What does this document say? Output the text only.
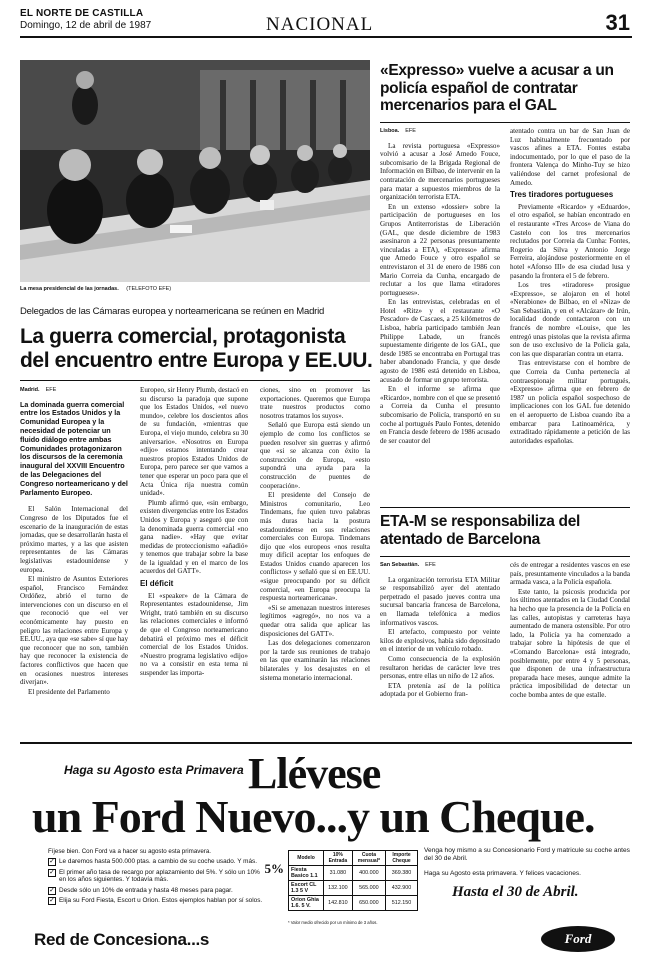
EL NORTE DE CASTILLA
Domingo, 12 de abril de 1987	NACIONAL	31
La mesa presidencial de las jornadas. (TELEFOTO EFE)
Delegados de las Cámaras europea y norteamericana se reúnen en Madrid
La guerra comercial, protagonista del encuentro entre Europa y EE.UU.
Madrid. EFE
La dominada guerra comercial entre los Estados Unidos y la Comunidad Europea y la necesidad de potenciar un fluido diálogo entre ambas Comunidades protagonizaron los discursos de la ceremonia inaugural del XXVIII Encuentro de las Delegaciones del Congreso norteamericano y del Parlamento Europeo.

El Salón Internacional del Congreso de los Diputados fue el escenario de la inauguración de estas jornadas, que se desarrollarán hasta el próximo martes, y a las que asisten representantes de las Cámaras legislativas estadounidense y europea.

El ministro de Asuntos Exteriores español, Francisco Fernández Ordóñez, abrió el turno de intervenciones con un discurso en el que reconoció que «el ver económicamente hay puesto en peligro las relaciones entre Europa y EE.UU., aya que «se sabe» sí que hay que reconocer que no son, también hay que reconocer la existencia de factores conflictivos que hacen que en ocasiones nuestros intereses diverjan».

El presidente del Parlamento

Europeo, sir Henry Plumb, destacó en su discurso la paradoja que supone que los Estados Unidos, «el nuevo mundo», celebre los doscientos años de su fundación, «mientras que Europa, el viejo mundo, celebra su 30 aniversario». «Nosotros en Europa «dijo» estamos intentando crear nuestros propios Estados Unidos de Europa, pero parece ser que vamos a tener que esperar un poco para que el Acta Única rija nuestra común unidad».

Plumb afirmó que, «sin embargo, existen divergencias entre los Estados Unidos y Europa y aseguró que con la denominada guerra comercial «no gana nadie». «Hay que evitar medidas de proteccionismo «añadió» y tenemos que trabajar sobre la base de la igualdad y en el marco de los acuerdos del GATT».

El déficit

El «speaker» de la Cámara de Representantes estadounidense, Jim Wright, trató también en su discurso las relaciones comerciales e informó de que el Congreso norteamericano debatirá el próximo mes el déficit comercial de los Estados Unidos. «Nuestro programa legislativo «dijo» no va a consistir en esta tema ni suspender las importa-

ciones, sino en promover las exportaciones. Queremos que Europa trate nuestros productos como nosotros tratamos los suyos».

Señaló que Europa está siendo un ejemplo de como los conflictos se pueden resolver sin guerras y afirmó que «si se alcanza con éxito la construcción de Europa, «esto supondrá una ayuda para la construcción de puentes de cooperación».

El presidente del Consejo de Ministros comunitario, Leo Tindemans, fue quien tuvo palabras más duras hacia la postura estadounidense en sus relaciones comerciales con Europa. Tindemans dijo que «los europeos «nos resulta muy difícil aceptar los enfoques de Estados Unidos cuando aparecen los conflictos» y señaló que si en EE.UU. «sigue preocupando por su déficit comercial, «en Europa preocupa la respuesta norteamericana».

«Si se amenazan nuestros intereses legítimos «agregó», no nos va a quedar otra salida que aplicar las disposiciones del GATT».

Las dos delegaciones comenzaron por la tarde sus reuniones de trabajo en las que examinarán las relaciones bilaterales y los desajustes en el sistema monetario internacional.

«Expresso» vuelve a acusar a un policía español de contratar mercenarios para el GAL
Lisboa. EFE

La revista portuguesa «Expresso» volvió a acusar a José Amedo Fouce, subcomisario de la Brigada Regional de Información en Bilbao, de intervenir en la contratación de mercenarios portugueses para matar a supuestos miembros de la organización terrorista ETA.

En un extenso «dossier» sobre la participación de portugueses en los Grupos Antiterroristas de Liberación (GAL, que desde diciembre de 1983 asesinaron a 22 personas presuntamente vinculadas a ETA), «Expresso» afirma que Amedo Fouce y otro español se entrevistaron el 31 de enero de 1986 con Mario Correia da Cunha, encargado de reclutar a los que llama «tiradores portugueses».

En las entrevistas, celebradas en el Hotel «Ritz» y el restaurante «O Pescador» de Cascaes, a 25 kilómetros de Lisboa, habría participado también Jean Philippe Labade, un francés supuestamente dirigente de los GAL, que desde 1985 se encontraba en Portugal tras haber abandonado Francia, y que desde agosto de 1986 está detenido en Lisboa, acusado de formar un grupo terrorista.

En el informe se afirma que «Ricardo», nombre con el que se presentó a Correia da Cunha el presunto subcomisario de Policía, transportó en su coche al portugués Paulo Fontes, detenido en Francia desde febrero de 1986 acusado de ser coautor del

atentado contra un bar de San Juan de Luz habitualmente frecuentado por vascos afines a ETA. Fontes estaba indocumentado, por lo que el paso de la frontera Valença do Minho-Tuy se hizo valiéndose del carnet profesional de Amedo.

Tres tiradores portugueses

Previamente «Ricardo» y «Eduardo», el otro español, se habían encontrado en el restaurante «Tres Arcos» de Viana do Castelo con los tres mercenarios reclutados por Correia da Cunha: Fontes, Rogerio da Silva y Antonio Jorge Ferreira, alojándose posteriormente en el hotel «Afonso III» de esa ciudad lusa y pasando la frontera el 5 de febrero.

Los tres «tiradores» prosigue «Expresso», se alojaron en el hotel «Nerabione» de Bilbao, en el «Niza» de San Sebastián, y en el «Alcázar» de Irún, localidad donde contactaron con un francés de nombre «Louis», que les entregó unas pistolas que la revista afirma son de uso exclusivo de la Policía gala, con las que dispararían contra un etarra.

Tras entrevistarse con el hombre de que Correia da Cunha pertenecía al contraespionaje militar portugués, «Expresso» afirma que en febrero de 1987 un policía español sospechoso de implicaciones con los GAL fue detenido en el aeropuerto de Lisboa cuando iba a embarcar para Latinoamérica, y extraditado rápidamente a petición de las autoridades españolas.

ETA-M se responsabiliza del atentado de Barcelona
San Sebastián. EFE

La organización terrorista ETA Militar se responsabilizó ayer del atentado perpetrado el pasado jueves contra una sucursal bancaria francesa de Barcelona, en llamada telefónica a medios informativos vascos.

El artefacto, compuesto por veinte kilos de explosivos, había sido depositado en el interior de un vehículo robado.

Como consecuencia de la explosión resultaron heridas de carácter leve tres personas, entre ellas un niño de 12 años.

ETA pretenía así de la política adoptada por el Gobierno fran-

cés de entregar a residentes vascos en ese país, presuntamente vinculados a la banda armada vasca, a la Policía española.

Este tanto, la psicosis producida por los últimos atentados en la Ciudad Condal ha hecho que la presencia de la Policía en las calles, autopistas y carreteras haya aumentado de manera ostensible. Por otro lado, la Policía ya ha comenzado a trabajar sobre la hipótesis de que el «Comando Barcelona» está integrado, posiblemente, por entre 4 y 5 personas, que disponen de una infraestructura preparada hace meses, aunque admite la práctica imposibilidad de detectar un coche bomba antes de que estalle.

Haga su Agosto esta Primavera Llévese
un Ford Nuevo...y un Cheque.
Fíjese bien. Con Ford va a hacer su agosto esta primavera.
✓ Le daremos hasta 500.000 ptas. a cambio de su coche usado. Y más.
✓	5%
El primer año tasa de recargo por aplazamiento del 5%. Y sólo un 10% en los años siguientes. Y todavía más.
✓ Desde sólo un 10% de entrada y hasta 48 meses para pagar.
✓ Elija su Ford Fiesta, Escort u Orion. Estos ejemplos hablan por sí solos.
Modelo	10% Entrada	Cuota mensual*	Importe Cheque
Fiesta Basico 1.1	31.080	400.000	369.380
Escort CL 1.3 5 V	132.100	565.000	432.900
Orion Ghia 1.6. 5 V.	142.810	650.000	512.150
* Valor medio ofrecido por un mínimo de 3 años.
Venga hoy mismo a su Concesionario Ford y matricule su coche antes del 30 de Abril.
Haga su Agosto esta primavera. Y felices vacaciones.
Hasta el 30 de Abril.
Red de Concesiona...s	Ford
